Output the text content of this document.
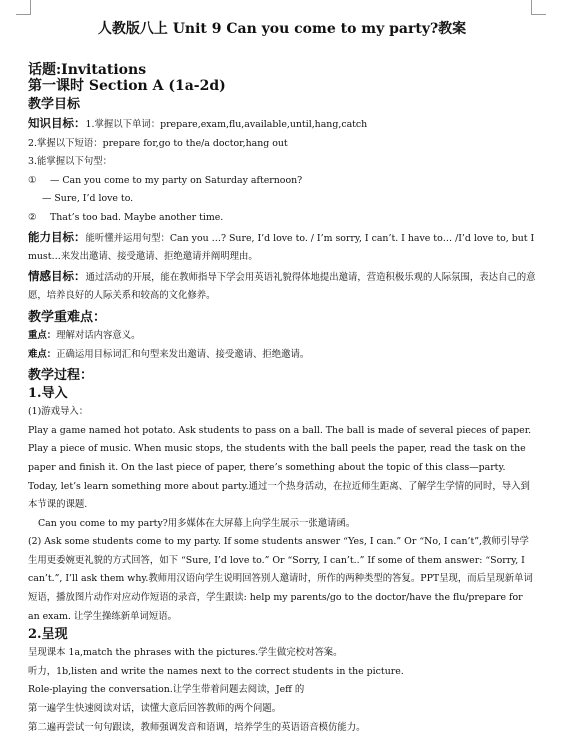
人教版八上 Unit 9 Can you come to my party?教案
话题:Invitations
第一课时 Section A (1a-2d)
教学目标
知识目标：1.掌握以下单词：prepare,exam,flu,available,until,hang,catch
2.掌握以下短语：prepare for,go to the/a doctor,hang out
3.能掌握以下句型：
① — Can you come to my party on Saturday afternoon?
— Sure, I’d love to.
② That’s too bad. Maybe another time.
能力目标：能听懂并运用句型：Can you …? Sure, I’d love to. / I’m sorry, I can’t. I have to… /I’d love to, but I must…来发出邀请、接受邀请、拒绝邀请并阐明理由。
情感目标：通过活动的开展，能在教师指导下学会用英语礼貌得体地提出邀请，营造积极乐观的人际氛围，表达自己的意愿，培养良好的人际关系和较高的文化修养。
教学重难点：
重点：理解对话内容意义。
难点：正确运用目标词汇和句型来发出邀请、接受邀请、拒绝邀请。
教学过程：
1.导入
(1)游戏导入：
Play a game named hot potato. Ask students to pass on a ball. The ball is made of several pieces of paper. Play a piece of music. When music stops, the students with the ball peels the paper, read the task on the paper and finish it. On the last piece of paper, there’s something about the topic of this class—party. Today, let’s learn something more about party.通过一个热身活动，在拉近师生距离、了解学生学情的同时，导入到本节课的课题.
Can you come to my party?用多媒体在大屏幕上向学生展示一张邀请函。
(2) Ask some students come to my party. If some students answer “Yes, I can.” Or “No, I can’t”,教师引导学生用更委婉更礼貌的方式回答，如下 “Sure, I’d love to.” Or “Sorry, I can’t..” If some of them answer: “Sorry, I can’t.”, I’ll ask them why.教师用汉语向学生说明回答别人邀请时，所作的两种类型的答复。PPT呈现，而后呈现新单词短语，播放图片动作对应动作短语的录音，学生跟读: help my parents/go to the doctor/have the flu/prepare for an exam. 让学生操练新单词短语。
2.呈现
呈现课本 1a,match the phrases with the pictures.学生做完校对答案。
听力，1b,listen and write the names next to the correct students in the picture.
Role-playing the conversation.让学生带着问题去阅读，Jeff 的
第一遍学生快速阅读对话，读懂大意后回答教师的两个问题。
第二遍再尝试一句句跟读，教师强调发音和语调，培养学生的英语语音模仿能力。
